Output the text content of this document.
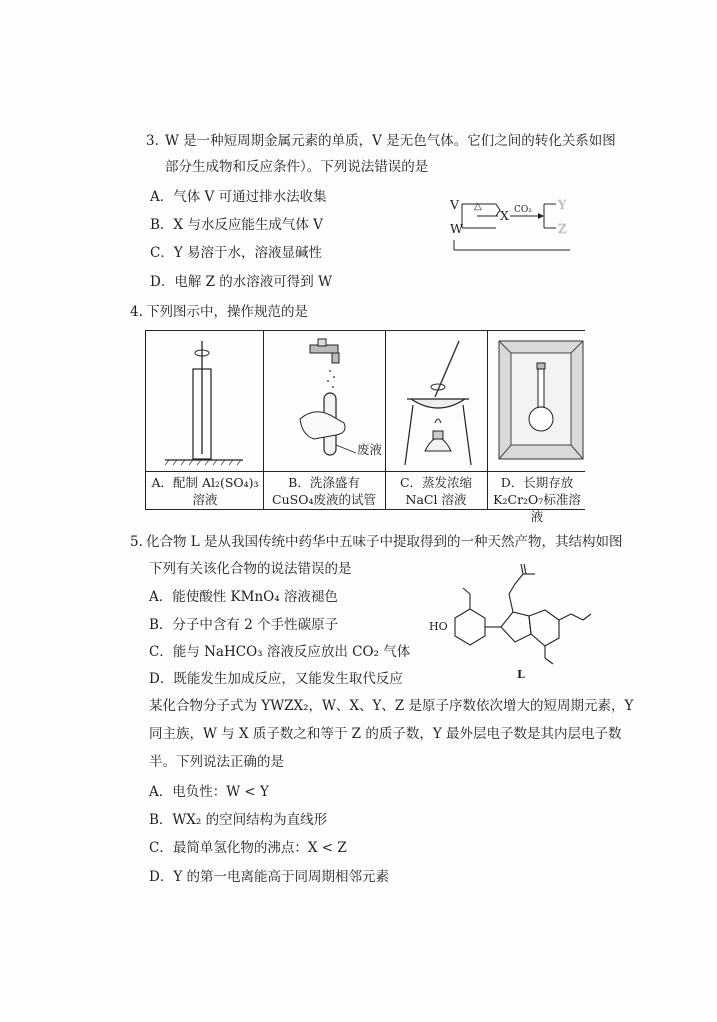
3. W 是一种短周期金属元素的单质，V 是无色气体。它们之间的转化关系如图
部分生成物和反应条件）。下列说法错误的是
A．气体 V 可通过排水法收集
B．X 与水反应能生成气体 V
C．Y 易溶于水，溶液显碱性
D．电解 Z 的水溶液可得到 W
V
W
△
X CO₂ Y
Z
4. 下列图示中，操作规范的是
废液
A．配制 Al₂(SO₄)₃
溶液
B．洗涤盛有
CuSO₄废液的试管
C．蒸发浓缩
NaCl 溶液
D．长期存放
K₂Cr₂O₇标准溶液
5. 化合物 L 是从我国传统中药华中五味子中提取得到的一种天然产物，其结构如图
下列有关该化合物的说法错误的是
A．能使酸性 KMnO₄ 溶液褪色
B．分子中含有 2 个手性碳原子
C．能与 NaHCO₃ 溶液反应放出 CO₂ 气体
D．既能发生加成反应，又能发生取代反应
HO
L
某化合物分子式为 YWZX₂，W、X、Y、Z 是原子序数依次增大的短周期元素，Y
同主族，W 与 X 质子数之和等于 Z 的质子数，Y 最外层电子数是其内层电子数
半。下列说法正确的是
A．电负性：W < Y
B．WX₂ 的空间结构为直线形
C．最简单氢化物的沸点：X < Z
D．Y 的第一电离能高于同周期相邻元素
